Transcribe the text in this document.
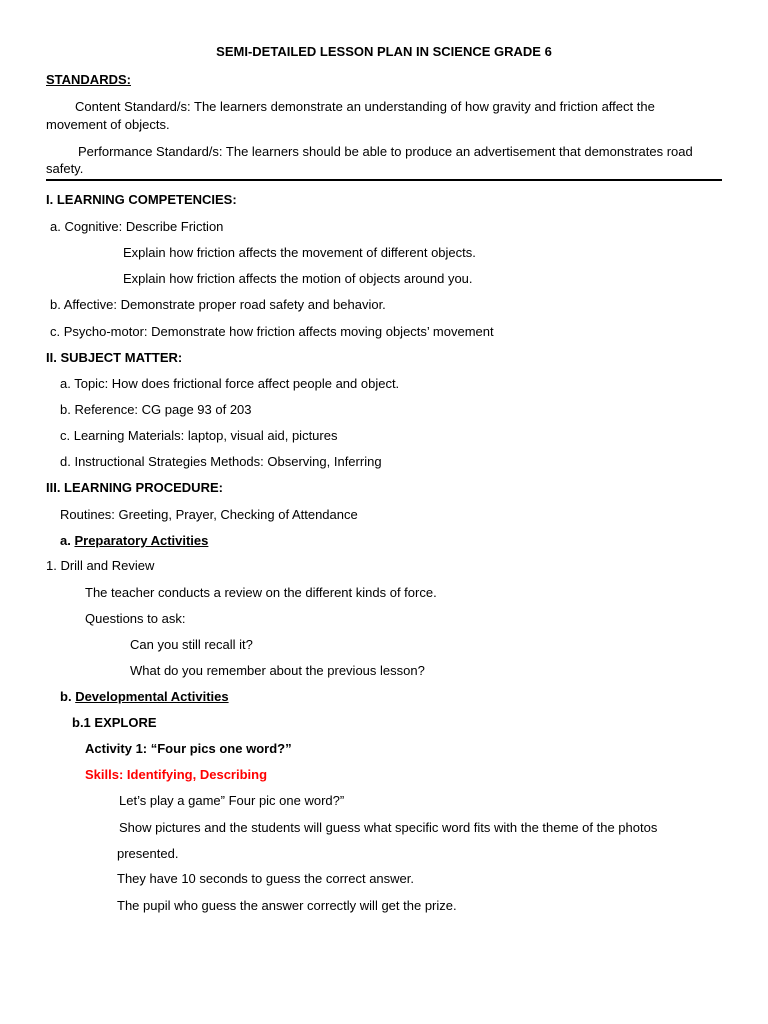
SEMI-DETAILED LESSON PLAN IN SCIENCE GRADE 6
STANDARDS:
Content Standard/s: The learners demonstrate an understanding of how gravity and friction affect the
movement of objects.
Performance Standard/s: The learners should be able to produce an advertisement that demonstrates road
safety.
I. LEARNING COMPETENCIES:
a. Cognitive: Describe Friction
Explain how friction affects the movement of different objects.
Explain how friction affects the motion of objects around you.
b. Affective: Demonstrate proper road safety and behavior.
c. Psycho-motor: Demonstrate how friction affects moving objects’ movement
II. SUBJECT MATTER:
a. Topic: How does frictional force affect people and object.
b. Reference: CG page 93 of 203
c. Learning Materials: laptop, visual aid, pictures
d. Instructional Strategies Methods: Observing, Inferring
III. LEARNING PROCEDURE:
Routines: Greeting, Prayer, Checking of Attendance
a. Preparatory Activities
1. Drill and Review
The teacher conducts a review on the different kinds of force.
Questions to ask:
Can you still recall it?
What do you remember about the previous lesson?
b. Developmental Activities
b.1 EXPLORE
Activity 1: “Four pics one word?”
Skills: Identifying, Describing
Let’s play a game” Four pic one word?”
Show pictures and the students will guess what specific word fits with the theme of the photos
presented.
They have 10 seconds to guess the correct answer.
The pupil who guess the answer correctly will get the prize.
